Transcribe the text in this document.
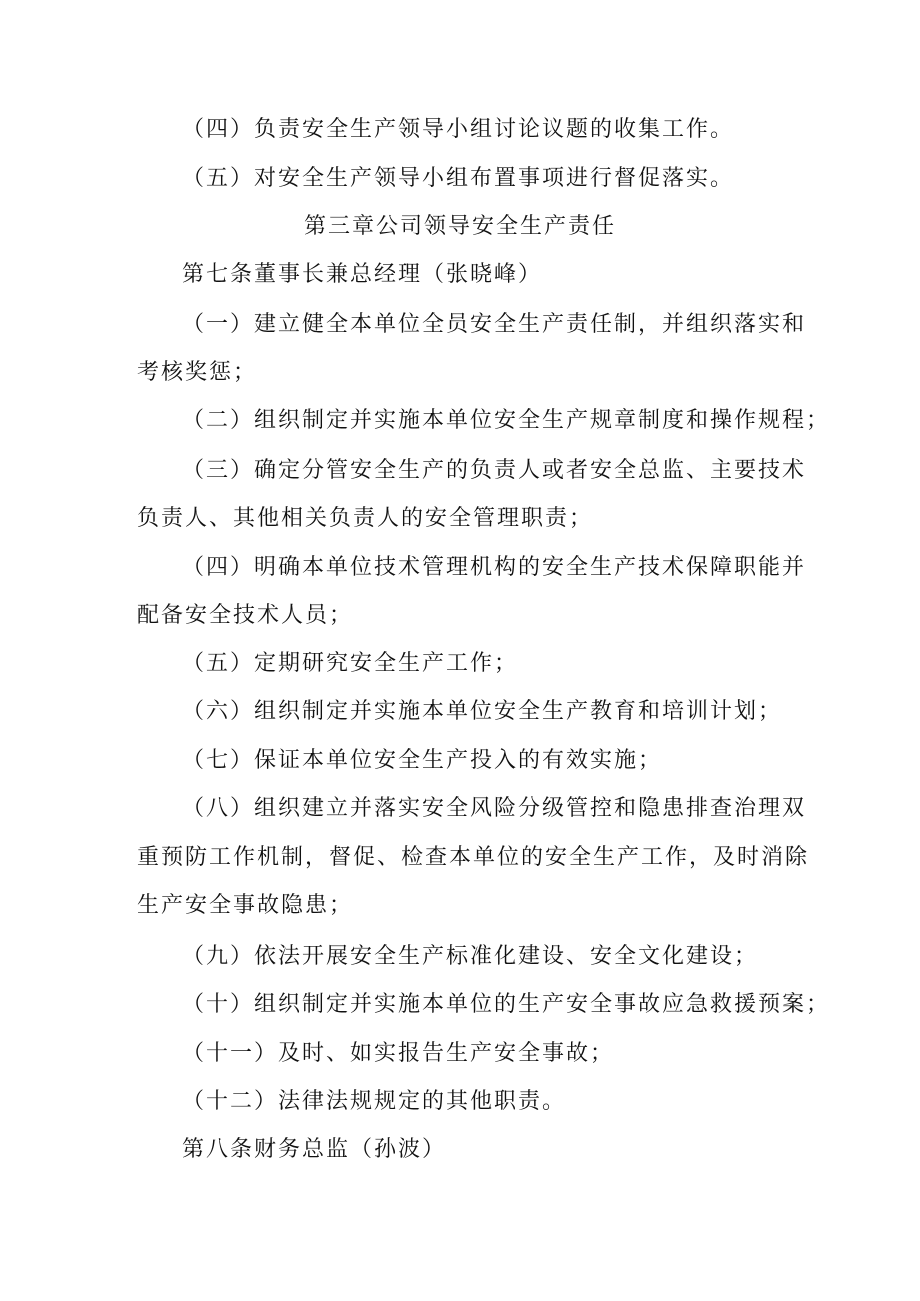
（四）负责安全生产领导小组讨论议题的收集工作。
（五）对安全生产领导小组布置事项进行督促落实。
第三章公司领导安全生产责任
第七条董事长兼总经理（张晓峰）
（一）建立健全本单位全员安全生产责任制，并组织落实和
考核奖惩；
（二）组织制定并实施本单位安全生产规章制度和操作规程；
（三）确定分管安全生产的负责人或者安全总监、主要技术
负责人、其他相关负责人的安全管理职责；
（四）明确本单位技术管理机构的安全生产技术保障职能并
配备安全技术人员；
（五）定期研究安全生产工作；
（六）组织制定并实施本单位安全生产教育和培训计划；
（七）保证本单位安全生产投入的有效实施；
（八）组织建立并落实安全风险分级管控和隐患排查治理双
重预防工作机制，督促、检查本单位的安全生产工作，及时消除
生产安全事故隐患；
（九）依法开展安全生产标准化建设、安全文化建设；
（十）组织制定并实施本单位的生产安全事故应急救援预案；
（十一）及时、如实报告生产安全事故；
（十二）法律法规规定的其他职责。
第八条财务总监（孙波）
